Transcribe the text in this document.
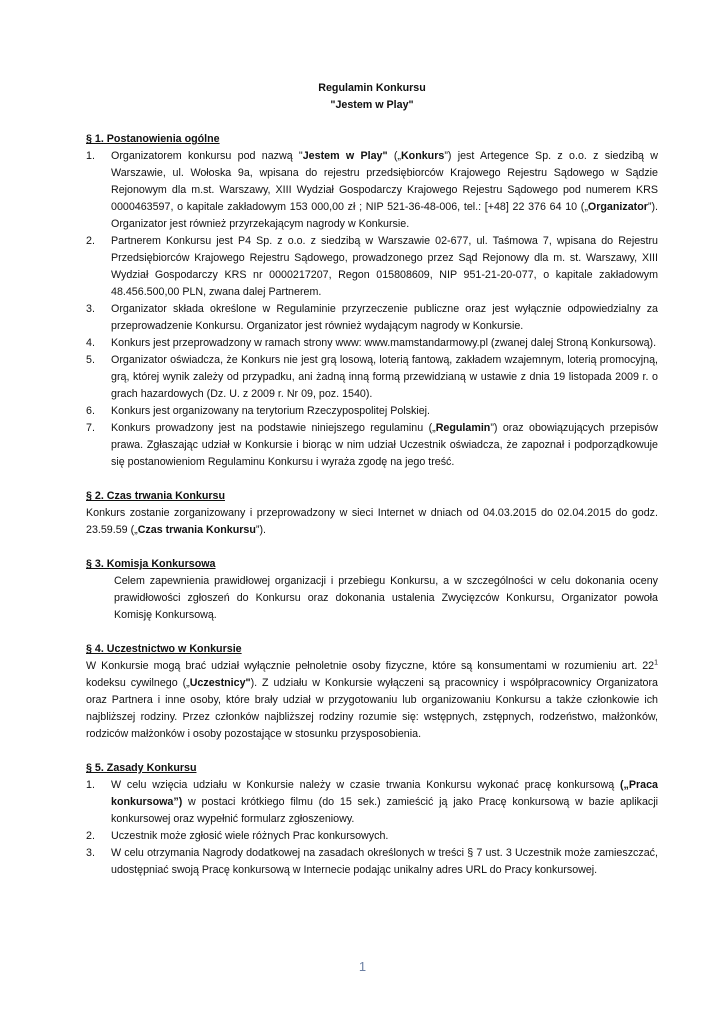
Regulamin Konkursu

"Jestem w Play"

§ 1. Postanowienia ogólne

1. Organizatorem konkursu pod nazwą "Jestem w Play" („Konkurs”) jest Artegence Sp. z o.o. z siedzibą w Warszawie, ul. Wołoska 9a, wpisana do rejestru przedsiębiorców Krajowego Rejestru Sądowego w Sądzie Rejonowym dla m.st. Warszawy, XIII Wydział Gospodarczy Krajowego Rejestru Sądowego pod numerem KRS 0000463597, o kapitale zakładowym 153 000,00 zł ; NIP 521-36-48-006, tel.: [+48] 22 376 64 10 („Organizator”). Organizator jest również przyrzekającym nagrody w Konkursie.
2. Partnerem Konkursu jest P4 Sp. z o.o. z siedzibą w Warszawie 02-677, ul. Taśmowa 7, wpisana do Rejestru Przedsiębiorców Krajowego Rejestru Sądowego, prowadzonego przez Sąd Rejonowy dla m. st. Warszawy, XIII Wydział Gospodarczy KRS nr 0000217207, Regon 015808609, NIP 951-21-20-077, o kapitale zakładowym 48.456.500,00 PLN, zwana dalej Partnerem.
3. Organizator składa określone w Regulaminie przyrzeczenie publiczne oraz jest wyłącznie odpowiedzialny za przeprowadzenie Konkursu. Organizator jest również wydającym nagrody w Konkursie.
4. Konkurs jest przeprowadzony w ramach strony www: www.mamstandarmowy.pl (zwanej dalej Stroną Konkursową).
5. Organizator oświadcza, że Konkurs nie jest grą losową, loterią fantową, zakładem wzajemnym, loterią promocyjną, grą, której wynik zależy od przypadku, ani żadną inną formą przewidzianą w ustawie z dnia 19 listopada 2009 r. o grach hazardowych (Dz. U. z 2009 r. Nr 09, poz. 1540).
6. Konkurs jest organizowany na terytorium Rzeczypospolitej Polskiej.
7. Konkurs prowadzony jest na podstawie niniejszego regulaminu („Regulamin”) oraz obowiązujących przepisów prawa. Zgłaszając udział w Konkursie i biorąc w nim udział Uczestnik oświadcza, że zapoznał i podporządkowuje się postanowieniom Regulaminu Konkursu i wyraża zgodę na jego treść.

§ 2. Czas trwania Konkursu

Konkurs zostanie zorganizowany i przeprowadzony w sieci Internet w dniach od 04.03.2015 do 02.04.2015 do godz. 23.59.59 („Czas trwania Konkursu”).

§ 3. Komisja Konkursowa

Celem zapewnienia prawidłowej organizacji i przebiegu Konkursu, a w szczególności w celu dokonania oceny prawidłowości zgłoszeń do Konkursu oraz dokonania ustalenia Zwycięzców Konkursu, Organizator powoła Komisję Konkursową.

§ 4. Uczestnictwo w Konkursie

W Konkursie mogą brać udział wyłącznie pełnoletnie osoby fizyczne, które są konsumentami w rozumieniu art. $22^1$ kodeksu cywilnego („Uczestnicy"). Z udziału w Konkursie wyłączeni są pracownicy i współpracownicy Organizatora oraz Partnera i inne osoby, które brały udział w przygotowaniu lub organizowaniu Konkursu a także członkowie ich najbliższej rodziny. Przez członków najbliższej rodziny rozumie się: wstępnych, zstępnych, rodzeństwo, małżonków, rodziców małżonków i osoby pozostające w stosunku przysposobienia.

§ 5. Zasady Konkursu

1. W celu wzięcia udziału w Konkursie należy w czasie trwania Konkursu wykonać pracę konkursową („Praca konkursowa”) w postaci krótkiego filmu (do 15 sek.) zamieścić ją jako Pracę konkursową w bazie aplikacji konkursowej oraz wypełnić formularz zgłoszeniowy.
2. Uczestnik może zgłosić wiele różnych Prac konkursowych.
3. W celu otrzymania Nagrody dodatkowej na zasadach określonych w treści § 7 ust. 3 Uczestnik może zamieszczać, udostępniać swoją Pracę konkursową w Internecie podając unikalny adres URL do Pracy konkursowej.
1
